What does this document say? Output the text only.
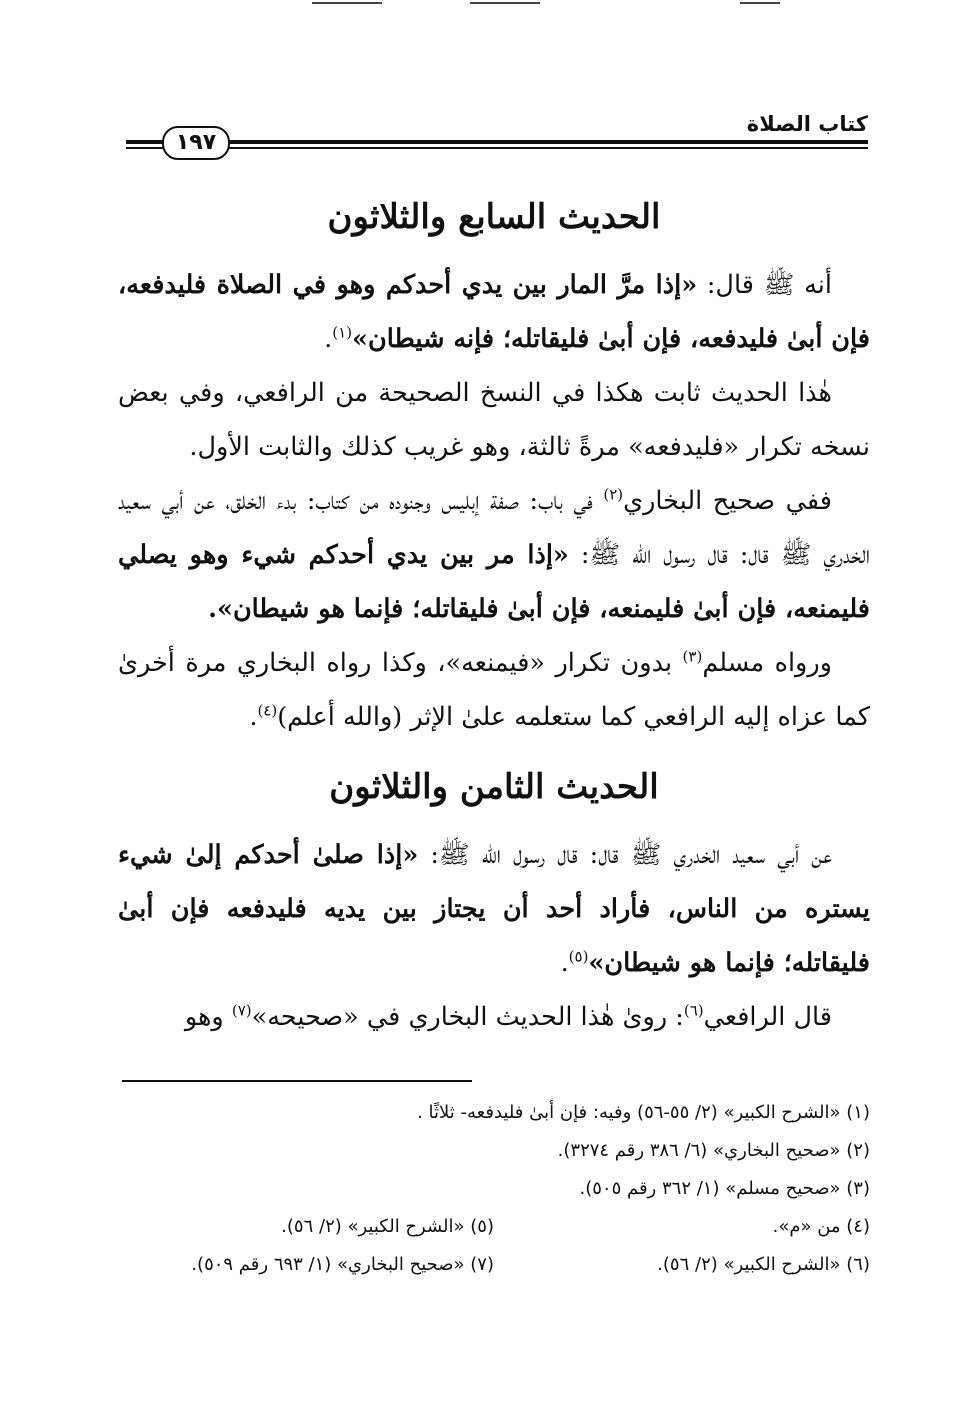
كتاب الصلاة
١٩٧
الحديث السابع والثلاثون

أنه ﷺ قال: «إذا مرَّ المار بين يدي أحدكم وهو في الصلاة فليدفعه، فإن أبىٰ فليدفعه، فإن أبىٰ فليقاتله؛ فإنه شيطان»$^{(١)}$.

هٰذا الحديث ثابت هكذا في النسخ الصحيحة من الرافعي، وفي بعض نسخه تكرار «فليدفعه» مرةً ثالثة، وهو غريب كذلك والثابت الأول.

ففي صحيح البخاري$^{(٢)}$ في باب: صفة إبليس وجنوده من كتاب: بدء الخلق، عن أبي سعيد الخدري ﷺ قال: قال رسول الله ﷺ: «إذا مر بين يدي أحدكم شيء وهو يصلي فليمنعه، فإن أبىٰ فليمنعه، فإن أبىٰ فليقاتله؛ فإنما هو شيطان».

ورواه مسلم$^{(٣)}$ بدون تكرار «فيمنعه»، وكذا رواه البخاري مرة أخرىٰ كما عزاه إليه الرافعي كما ستعلمه علىٰ الإثر (والله أعلم)$^{(٤)}$.

الحديث الثامن والثلاثون

عن أبي سعيد الخدري ﷺ قال: قال رسول الله ﷺ: «إذا صلىٰ أحدكم إلىٰ شيء يستره من الناس، فأراد أحد أن يجتاز بين يديه فليدفعه فإن أبىٰ فليقاتله؛ فإنما هو شيطان»$^{(٥)}$.

قال الرافعي$^{(٦)}$: روىٰ هٰذا الحديث البخاري في «صحيحه»$^{(٧)}$ وهو

(١) «الشرح الكبير» (٢/ ٥٥-٥٦) وفيه: فإن أبىٰ فليدفعه- ثلاثًا .
(٢) «صحيح البخاري» (٦/ ٣٨٦ رقم ٣٢٧٤).
(٣) «صحيح مسلم» (١/ ٣٦٢ رقم ٥٠٥).
(٤) من «م».
(٥) «الشرح الكبير» (٢/ ٥٦).
(٦) «الشرح الكبير» (٢/ ٥٦).
(٧) «صحيح البخاري» (١/ ٦٩٣ رقم ٥٠٩).
